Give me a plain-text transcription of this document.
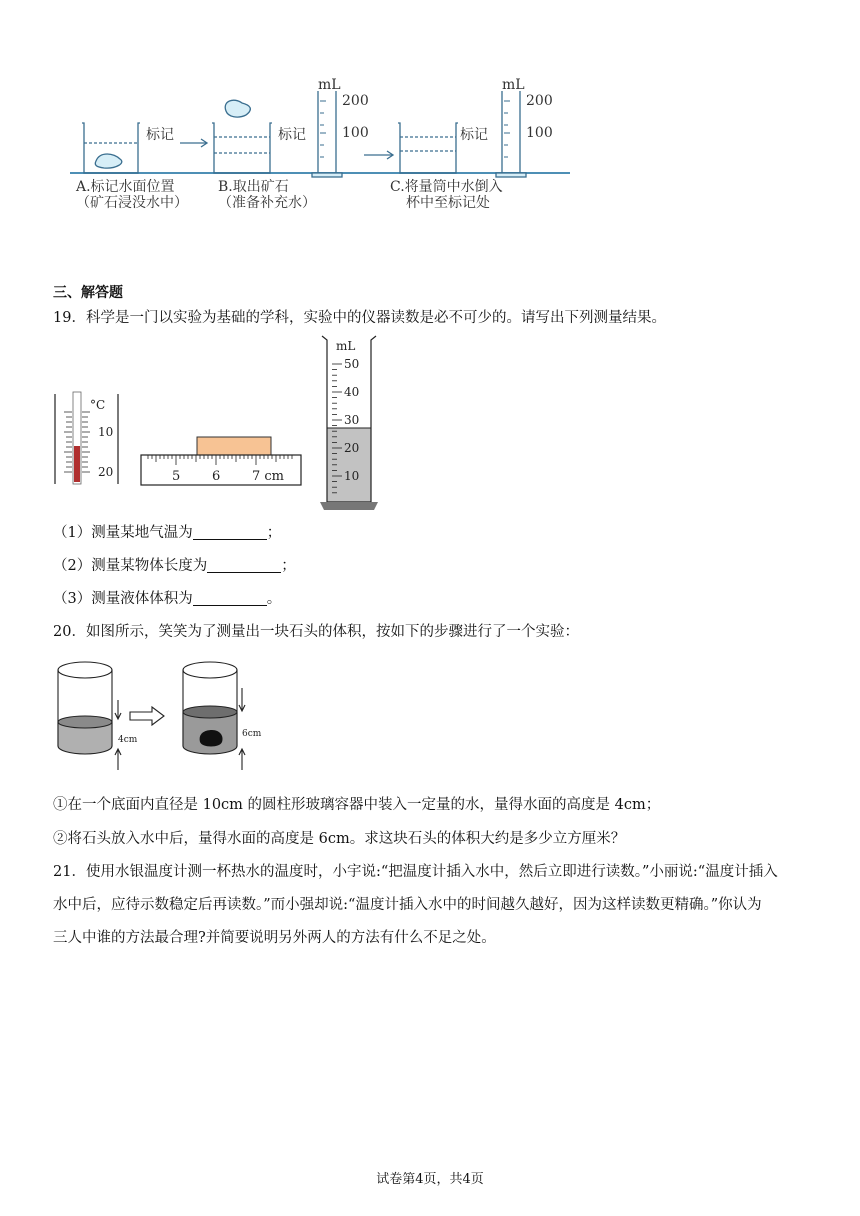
标记	标记	标记
mL
200
100
mL
200
100
A.标记水面位置
（矿石浸没水中）
B.取出矿石
（准备补充水）
C.将量筒中水倒入
杯中至标记处
三、解答题
19．科学是一门以实验为基础的学科，实验中的仪器读数是必不可少的。请写出下列测量结果。
°C
10
20	5 6 7 cm
mL
50
40
30
20
10
（1）测量某地气温为	；
（2）测量某物体长度为	；
（3）测量液体体积为	。
20．如图所示，笑笑为了测量出一块石头的体积，按如下的步骤进行了一个实验：
4cm
6cm
①在一个底面内直径是 10cm 的圆柱形玻璃容器中装入一定量的水，量得水面的高度是 4cm；
②将石头放入水中后，量得水面的高度是 6cm。求这块石头的体积大约是多少立方厘米？
21．使用水银温度计测一杯热水的温度时，小宇说:“把温度计插入水中，然后立即进行读数。”小丽说:“温度计插入
水中后，应待示数稳定后再读数。”而小强却说:“温度计插入水中的时间越久越好，因为这样读数更精确。”你认为
三人中谁的方法最合理?并简要说明另外两人的方法有什么不足之处。
试卷第4页，共4页
